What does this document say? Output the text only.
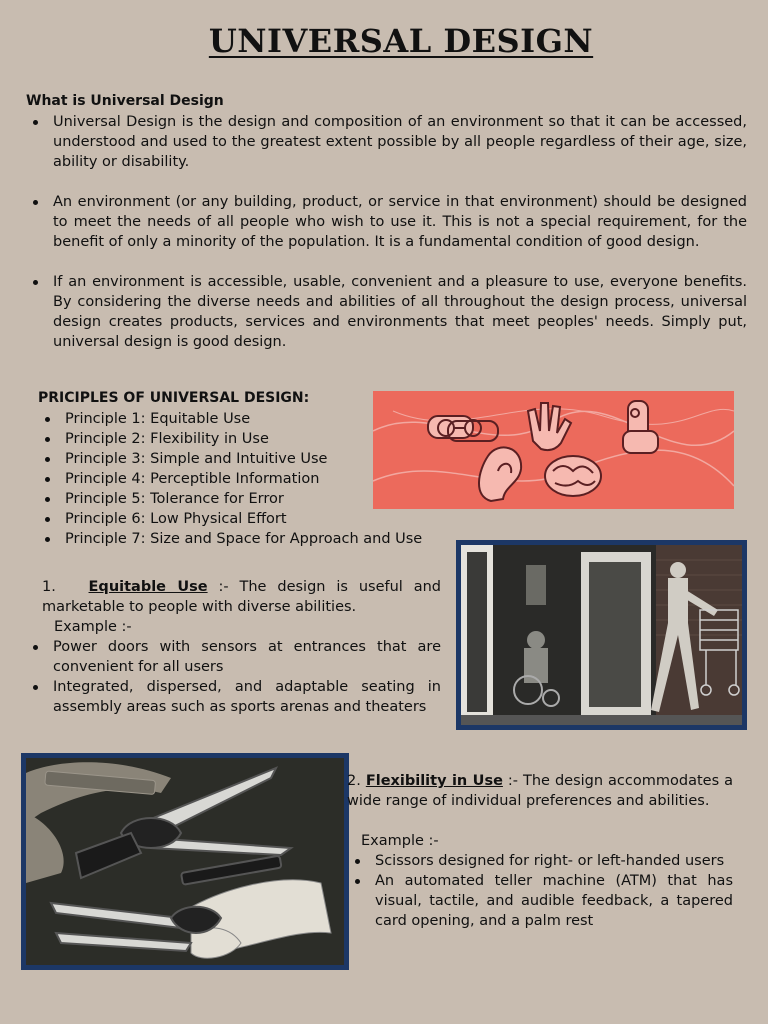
UNIVERSAL DESIGN

What is Universal Design

Universal Design is the design and composition of an environment so that it can be accessed, understood and used to the greatest extent possible by all people regardless of their age, size, ability or disability.
An environment (or any building, product, or service in that environment) should be designed to meet the needs of all people who wish to use it. This is not a special requirement, for the benefit of only a minority of the population. It is a fundamental condition of good design.
If an environment is accessible, usable, convenient and a pleasure to use, everyone benefits. By considering the diverse needs and abilities of all throughout the design process, universal design creates products, services and environments that meet peoples' needs. Simply put, universal design is good design.

PRICIPLES OF UNIVERSAL DESIGN:

Principle 1: Equitable Use
Principle 2: Flexibility in Use
Principle 3: Simple and Intuitive Use
Principle 4: Perceptible Information
Principle 5: Tolerance for Error
Principle 6: Low Physical Effort
Principle 7: Size and Space for Approach and Use

1. Equitable Use :- The design is useful and marketable to people with diverse abilities.

Example :-

Power doors with sensors at entrances that are convenient for all users
Integrated, dispersed, and adaptable seating in assembly areas such as sports arenas and theaters

2. Flexibility in Use :- The design accommodates a wide range of individual preferences and abilities.

Example :-

Scissors designed for right- or left-handed users
An automated teller machine (ATM) that has visual, tactile, and audible feedback, a tapered card opening, and a palm rest
